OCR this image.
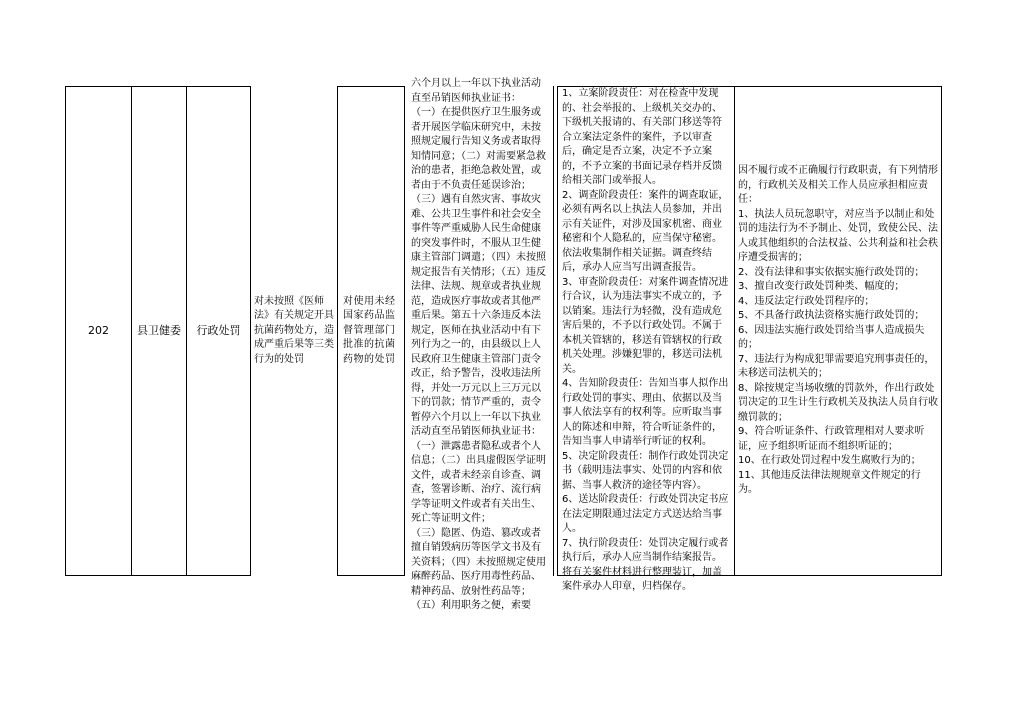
202	县卫健委 行政处罚
对未按照《医师法》有关规定开具抗菌药物处方，造成严重后果等三类行为的处罚
对使用未经国家药品监督管理部门批准的抗菌药物的处罚

六个月以上一年以下执业活动直至吊销医师执业证书：

（一）在提供医疗卫生服务或者开展医学临床研究中，未按照规定履行告知义务或者取得知情同意；（二）对需要紧急救治的患者，拒绝急救处置，或者由于不负责任延误诊治；

（三）遇有自然灾害、事故灾难、公共卫生事件和社会安全事件等严重威胁人民生命健康的突发事件时，不服从卫生健康主管部门调遣；（四）未按照规定报告有关情形；（五）违反法律、法规、规章或者执业规范，造成医疗事故或者其他严重后果。第五十六条违反本法规定，医师在执业活动中有下列行为之一的，由县级以上人民政府卫生健康主管部门责令改正，给予警告，没收违法所得，并处一万元以上三万元以下的罚款；情节严重的，责令暂停六个月以上一年以下执业活动直至吊销医师执业证书：（一）泄露患者隐私或者个人信息；（二）出具虚假医学证明文件，或者未经亲自诊查、调查，签署诊断、治疗、流行病学等证明文件或者有关出生、死亡等证明文件；

（三）隐匿、伪造、篡改或者擅自销毁病历等医学文书及有关资料；（四）未按照规定使用麻醉药品、医疗用毒性药品、精神药品、放射性药品等；

（五）利用职务之便，索要

1、立案阶段责任：对在检查中发现的、社会举报的、上级机关交办的、下级机关报请的、有关部门移送等符合立案法定条件的案件，予以审查后，确定是否立案，决定不予立案的，不予立案的书面记录存档并反馈给相关部门或举报人。

2、调查阶段责任：案件的调查取证，必须有两名以上执法人员参加，并出示有关证件，对涉及国家机密、商业秘密和个人隐私的，应当保守秘密。依法收集制作相关证据。调查终结后，承办人应当写出调查报告。

3、审查阶段责任：对案件调查情况进行合议，认为违法事实不成立的，予以销案。违法行为轻微，没有造成危害后果的，不予以行政处罚。不属于本机关管辖的，移送有管辖权的行政机关处理。涉嫌犯罪的，移送司法机关。

4、告知阶段责任：告知当事人拟作出行政处罚的事实、理由、依据以及当事人依法享有的权利等。应听取当事人的陈述和申辩，符合听证条件的，告知当事人申请举行听证的权利。

5、决定阶段责任：制作行政处罚决定书（载明违法事实、处罚的内容和依据、当事人救济的途径等内容）。

6、送达阶段责任：行政处罚决定书应在法定期限通过法定方式送达给当事人。

7、执行阶段责任：处罚决定履行或者执行后，承办人应当制作结案报告。将有关案件材料进行整理装订，加盖案件承办人印章，归档保存。

因不履行或不正确履行行政职责，有下列情形的，行政机关及相关工作人员应承担相应责任：

1、执法人员玩忽职守，对应当予以制止和处罚的违法行为不予制止、处罚，致使公民、法人或其他组织的合法权益、公共利益和社会秩序遭受损害的；

2、没有法律和事实依据实施行政处罚的；

3、擅自改变行政处罚种类、幅度的；

4、违反法定行政处罚程序的；

5、不具备行政执法资格实施行政处罚的；

6、因违法实施行政处罚给当事人造成损失的；

7、违法行为构成犯罪需要追究刑事责任的，未移送司法机关的；

8、除按规定当场收缴的罚款外，作出行政处罚决定的卫生计生行政机关及执法人员自行收缴罚款的；

9、符合听证条件、行政管理相对人要求听证，应予组织听证而不组织听证的；

10、在行政处罚过程中发生腐败行为的；

11、其他违反法律法规规章文件规定的行为。
